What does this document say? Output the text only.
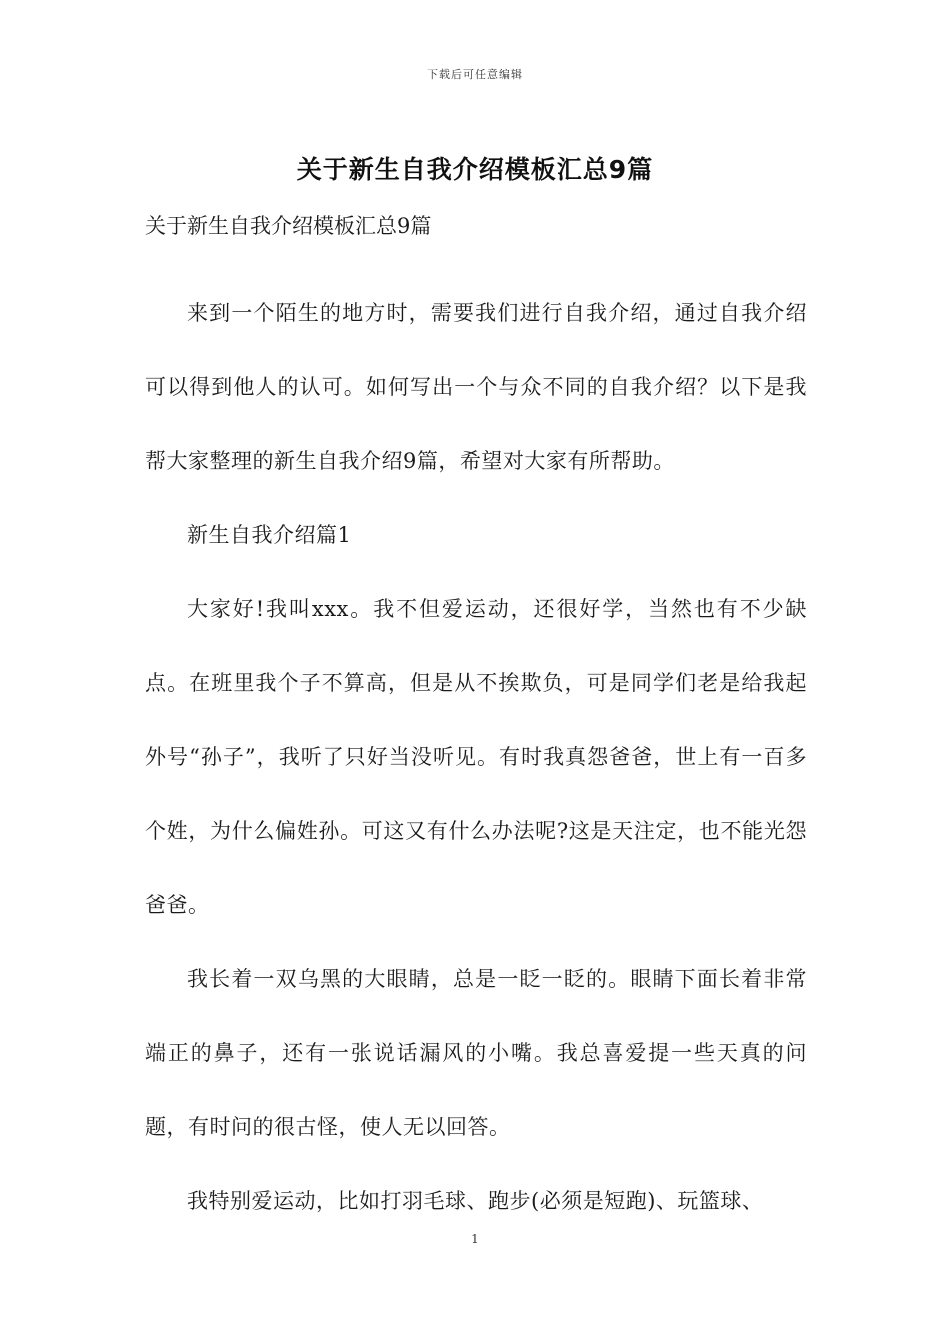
下载后可任意编辑
关于新生自我介绍模板汇总9篇
关于新生自我介绍模板汇总9篇

来到一个陌生的地方时，需要我们进行自我介绍，通过自我介绍可以得到他人的认可。如何写出一个与众不同的自我介绍？以下是我帮大家整理的新生自我介绍9篇，希望对大家有所帮助。

新生自我介绍篇1

大家好!我叫xxx。我不但爱运动，还很好学，当然也有不少缺点。在班里我个子不算高，但是从不挨欺负，可是同学们老是给我起外号“孙子”，我听了只好当没听见。有时我真怨爸爸，世上有一百多个姓，为什么偏姓孙。可这又有什么办法呢?这是天注定，也不能光怨爸爸。

我长着一双乌黑的大眼睛，总是一眨一眨的。眼睛下面长着非常端正的鼻子，还有一张说话漏风的小嘴。我总喜爱提一些天真的问题，有时问的很古怪，使人无以回答。

我特别爱运动，比如打羽毛球、跑步(必须是短跑)、玩篮球、

1
